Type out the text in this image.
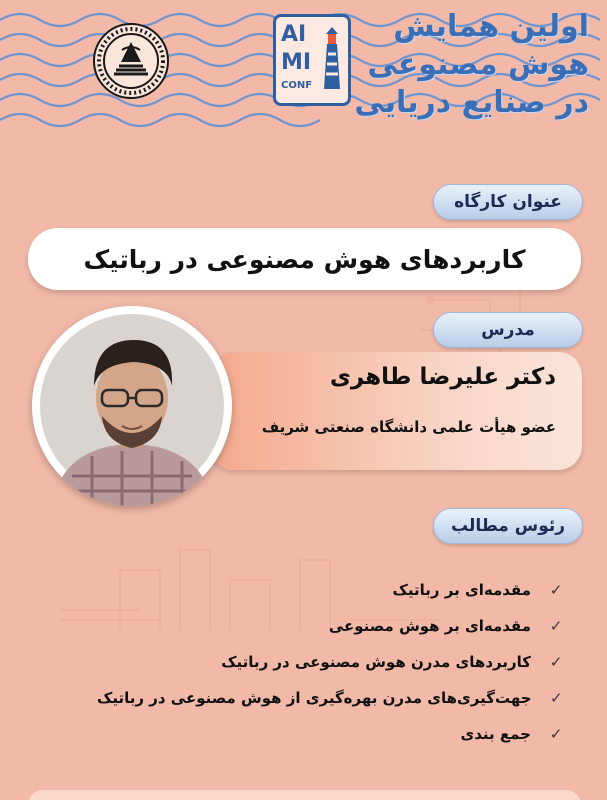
AI
MI
CONF
اولین همایش
هوش مصنوعی
در صنایع دریایی
عنوان کارگاه
کاربردهای هوش مصنوعی در رباتیک
مدرس
دکتر علیرضا طاهری
عضو هیأت علمی دانشگاه صنعتی شریف
رئوس مطالب
✓
مقدمه‌ای بر رباتیک
✓
مقدمه‌ای بر هوش مصنوعی
✓
کاربردهای مدرن هوش مصنوعی در رباتیک
✓
جهت‌گیری‌های مدرن بهره‌گیری از هوش مصنوعی در رباتیک
✓
جمع بندی
